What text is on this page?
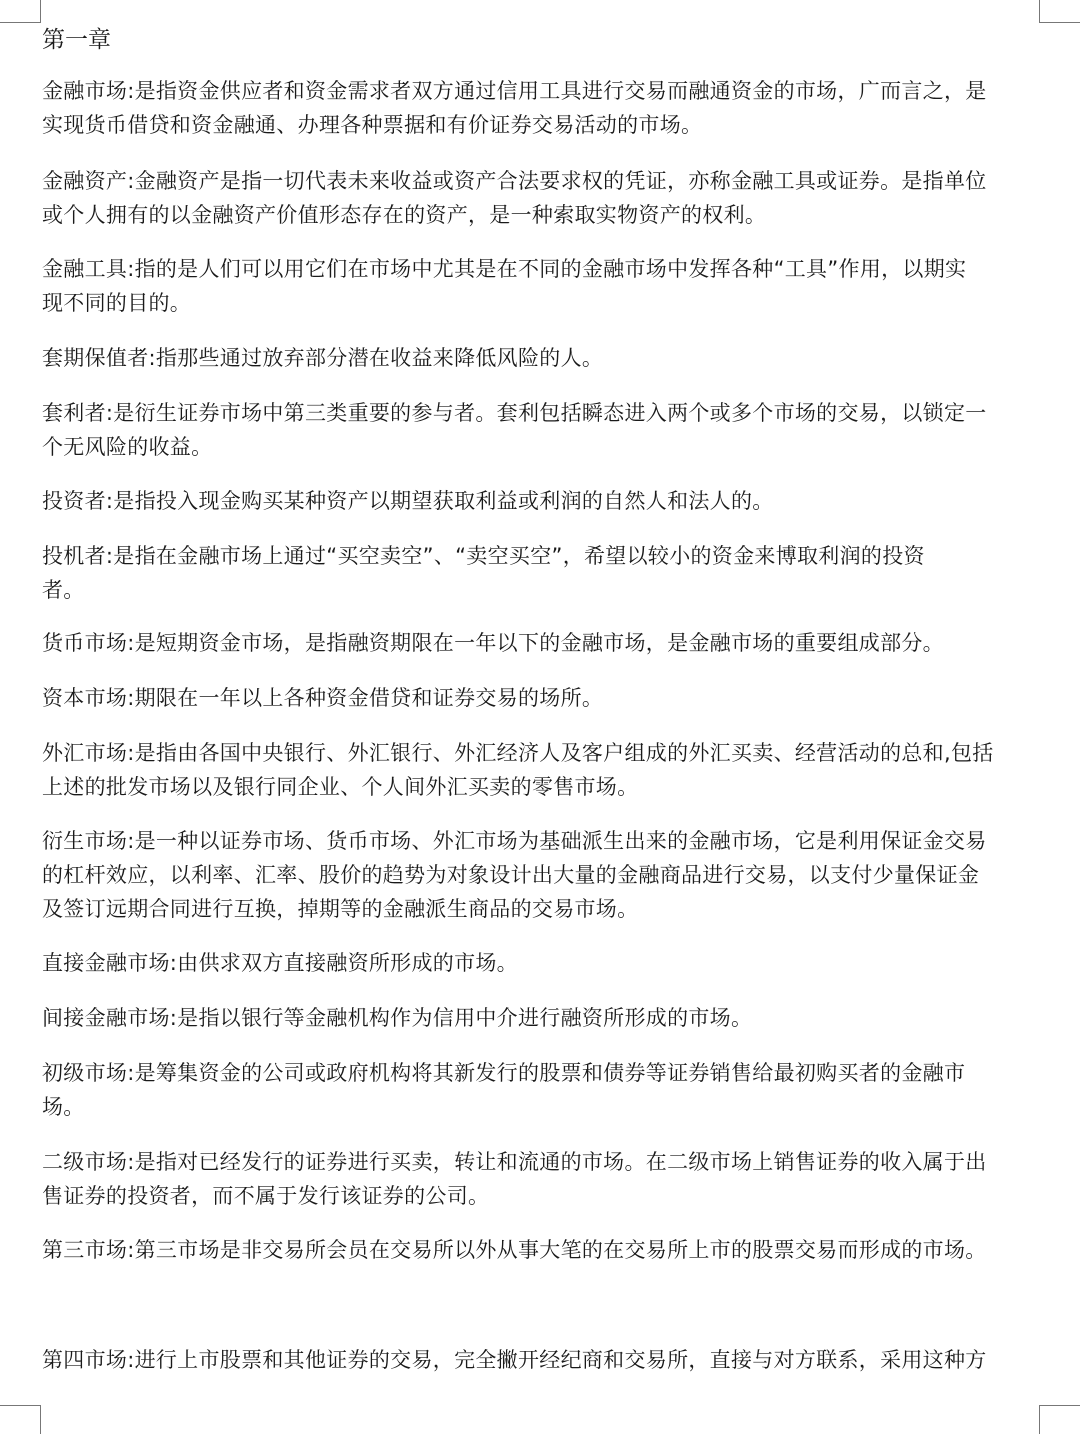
第一章
金融市场:是指资金供应者和资金需求者双方通过信用工具进行交易而融通资金的市场，广而言之，是
实现货币借贷和资金融通、办理各种票据和有价证券交易活动的市场。
金融资产:金融资产是指一切代表未来收益或资产合法要求权的凭证，亦称金融工具或证券。是指单位
或个人拥有的以金融资产价值形态存在的资产，是一种索取实物资产的权利。
金融工具:指的是人们可以用它们在市场中尤其是在不同的金融市场中发挥各种“工具”作用，以期实
现不同的目的。
套期保值者:指那些通过放弃部分潜在收益来降低风险的人。
套利者:是衍生证券市场中第三类重要的参与者。套利包括瞬态进入两个或多个市场的交易，以锁定一
个无风险的收益。
投资者:是指投入现金购买某种资产以期望获取利益或利润的自然人和法人的。
投机者:是指在金融市场上通过“买空卖空”、“卖空买空”，希望以较小的资金来博取利润的投资
者。
货币市场:是短期资金市场，是指融资期限在一年以下的金融市场，是金融市场的重要组成部分。
资本市场:期限在一年以上各种资金借贷和证券交易的场所。
外汇市场:是指由各国中央银行、外汇银行、外汇经济人及客户组成的外汇买卖、经营活动的总和,包括
上述的批发市场以及银行同企业、个人间外汇买卖的零售市场。
衍生市场:是一种以证券市场、货币市场、外汇市场为基础派生出来的金融市场，它是利用保证金交易
的杠杆效应，以利率、汇率、股价的趋势为对象设计出大量的金融商品进行交易，以支付少量保证金
及签订远期合同进行互换，掉期等的金融派生商品的交易市场。
直接金融市场:由供求双方直接融资所形成的市场。
间接金融市场:是指以银行等金融机构作为信用中介进行融资所形成的市场。
初级市场:是筹集资金的公司或政府机构将其新发行的股票和债券等证券销售给最初购买者的金融市
场。
二级市场:是指对已经发行的证券进行买卖，转让和流通的市场。在二级市场上销售证券的收入属于出
售证券的投资者，而不属于发行该证券的公司。
第三市场:第三市场是非交易所会员在交易所以外从事大笔的在交易所上市的股票交易而形成的市场。
第四市场:进行上市股票和其他证券的交易，完全撇开经纪商和交易所，直接与对方联系，采用这种方
